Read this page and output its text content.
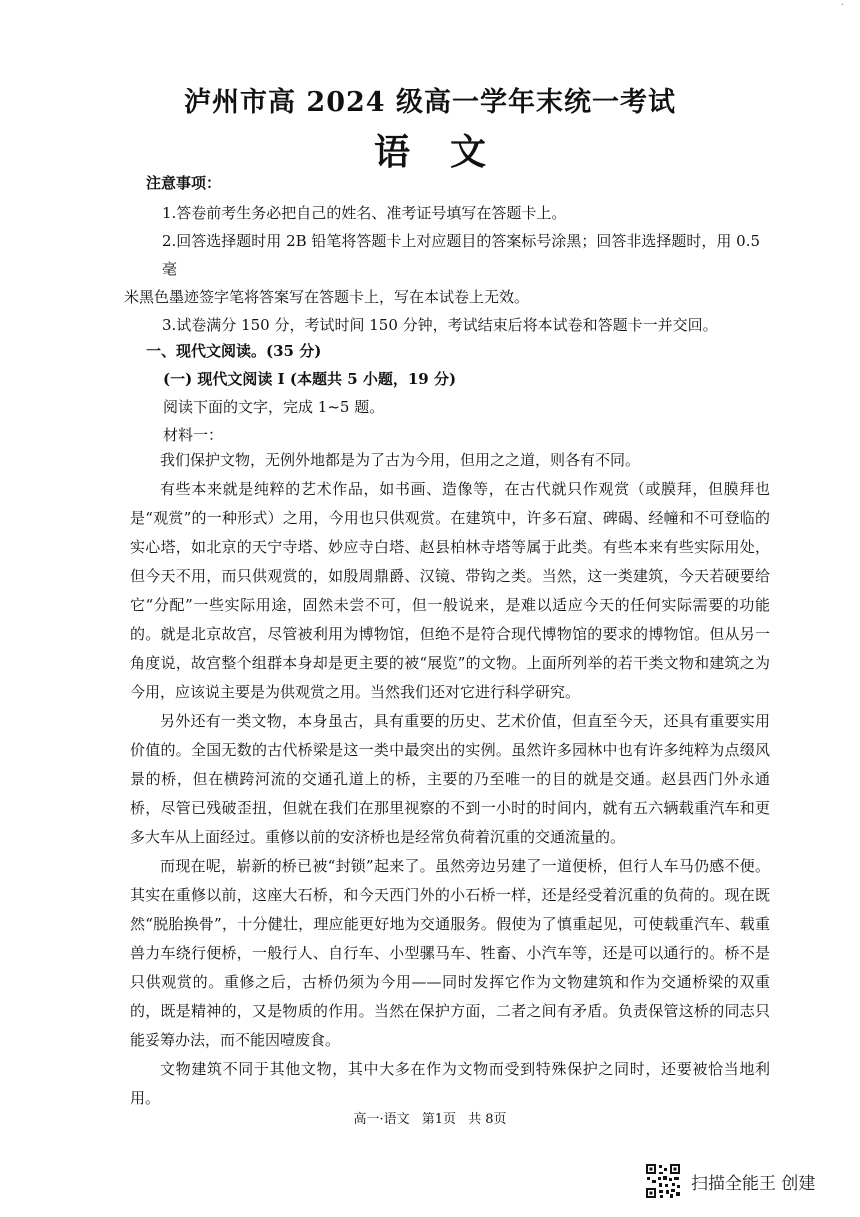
·
泸州市高 2024 级高一学年末统一考试
语 文
注意事项：

1.答卷前考生务必把自己的姓名、准考证号填写在答题卡上。

2.回答选择题时用 2B 铅笔将答题卡上对应题目的答案标号涂黑；回答非选择题时，用 0.5 毫

米黑色墨迹签字笔将答案写在答题卡上，写在本试卷上无效。

3.试卷满分 150 分，考试时间 150 分钟，考试结束后将本试卷和答题卡一并交回。

一、现代文阅读。(35 分)
(一) 现代文阅读 I (本题共 5 小题，19 分)
阅读下面的文字，完成 1~5 题。
材料一：

我们保护文物，无例外地都是为了古为今用，但用之之道，则各有不同。

有些本来就是纯粹的艺术作品，如书画、造像等，在古代就只作观赏（或膜拜，但膜拜也是“观赏”的一种形式）之用，今用也只供观赏。在建筑中，许多石窟、碑碣、经幢和不可登临的实心塔，如北京的天宁寺塔、妙应寺白塔、赵县柏林寺塔等属于此类。有些本来有些实际用处，但今天不用，而只供观赏的，如殷周鼎爵、汉镜、带钩之类。当然，这一类建筑，今天若硬要给它“分配”一些实际用途，固然未尝不可，但一般说来，是难以适应今天的任何实际需要的功能的。就是北京故宫，尽管被利用为博物馆，但绝不是符合现代博物馆的要求的博物馆。但从另一角度说，故宫整个组群本身却是更主要的被“展览”的文物。上面所列举的若干类文物和建筑之为今用，应该说主要是为供观赏之用。当然我们还对它进行科学研究。

另外还有一类文物，本身虽古，具有重要的历史、艺术价值，但直至今天，还具有重要实用价值的。全国无数的古代桥梁是这一类中最突出的实例。虽然许多园林中也有许多纯粹为点缀风景的桥，但在横跨河流的交通孔道上的桥，主要的乃至唯一的目的就是交通。赵县西门外永通桥，尽管已残破歪扭，但就在我们在那里视察的不到一小时的时间内，就有五六辆载重汽车和更多大车从上面经过。重修以前的安济桥也是经常负荷着沉重的交通流量的。

而现在呢，崭新的桥已被“封锁”起来了。虽然旁边另建了一道便桥，但行人车马仍感不便。其实在重修以前，这座大石桥，和今天西门外的小石桥一样，还是经受着沉重的负荷的。现在既然“脱胎换骨”，十分健壮，理应能更好地为交通服务。假使为了慎重起见，可使载重汽车、载重兽力车绕行便桥，一般行人、自行车、小型骡马车、牲畜、小汽车等，还是可以通行的。桥不是只供观赏的。重修之后，古桥仍须为今用——同时发挥它作为文物建筑和作为交通桥梁的双重的，既是精神的，又是物质的作用。当然在保护方面，二者之间有矛盾。负责保管这桥的同志只能妥筹办法，而不能因噎废食。

文物建筑不同于其他文物，其中大多在作为文物而受到特殊保护之同时，还要被恰当地利用。

高一·语文 第1页 共 8页
扫描全能王 创建
